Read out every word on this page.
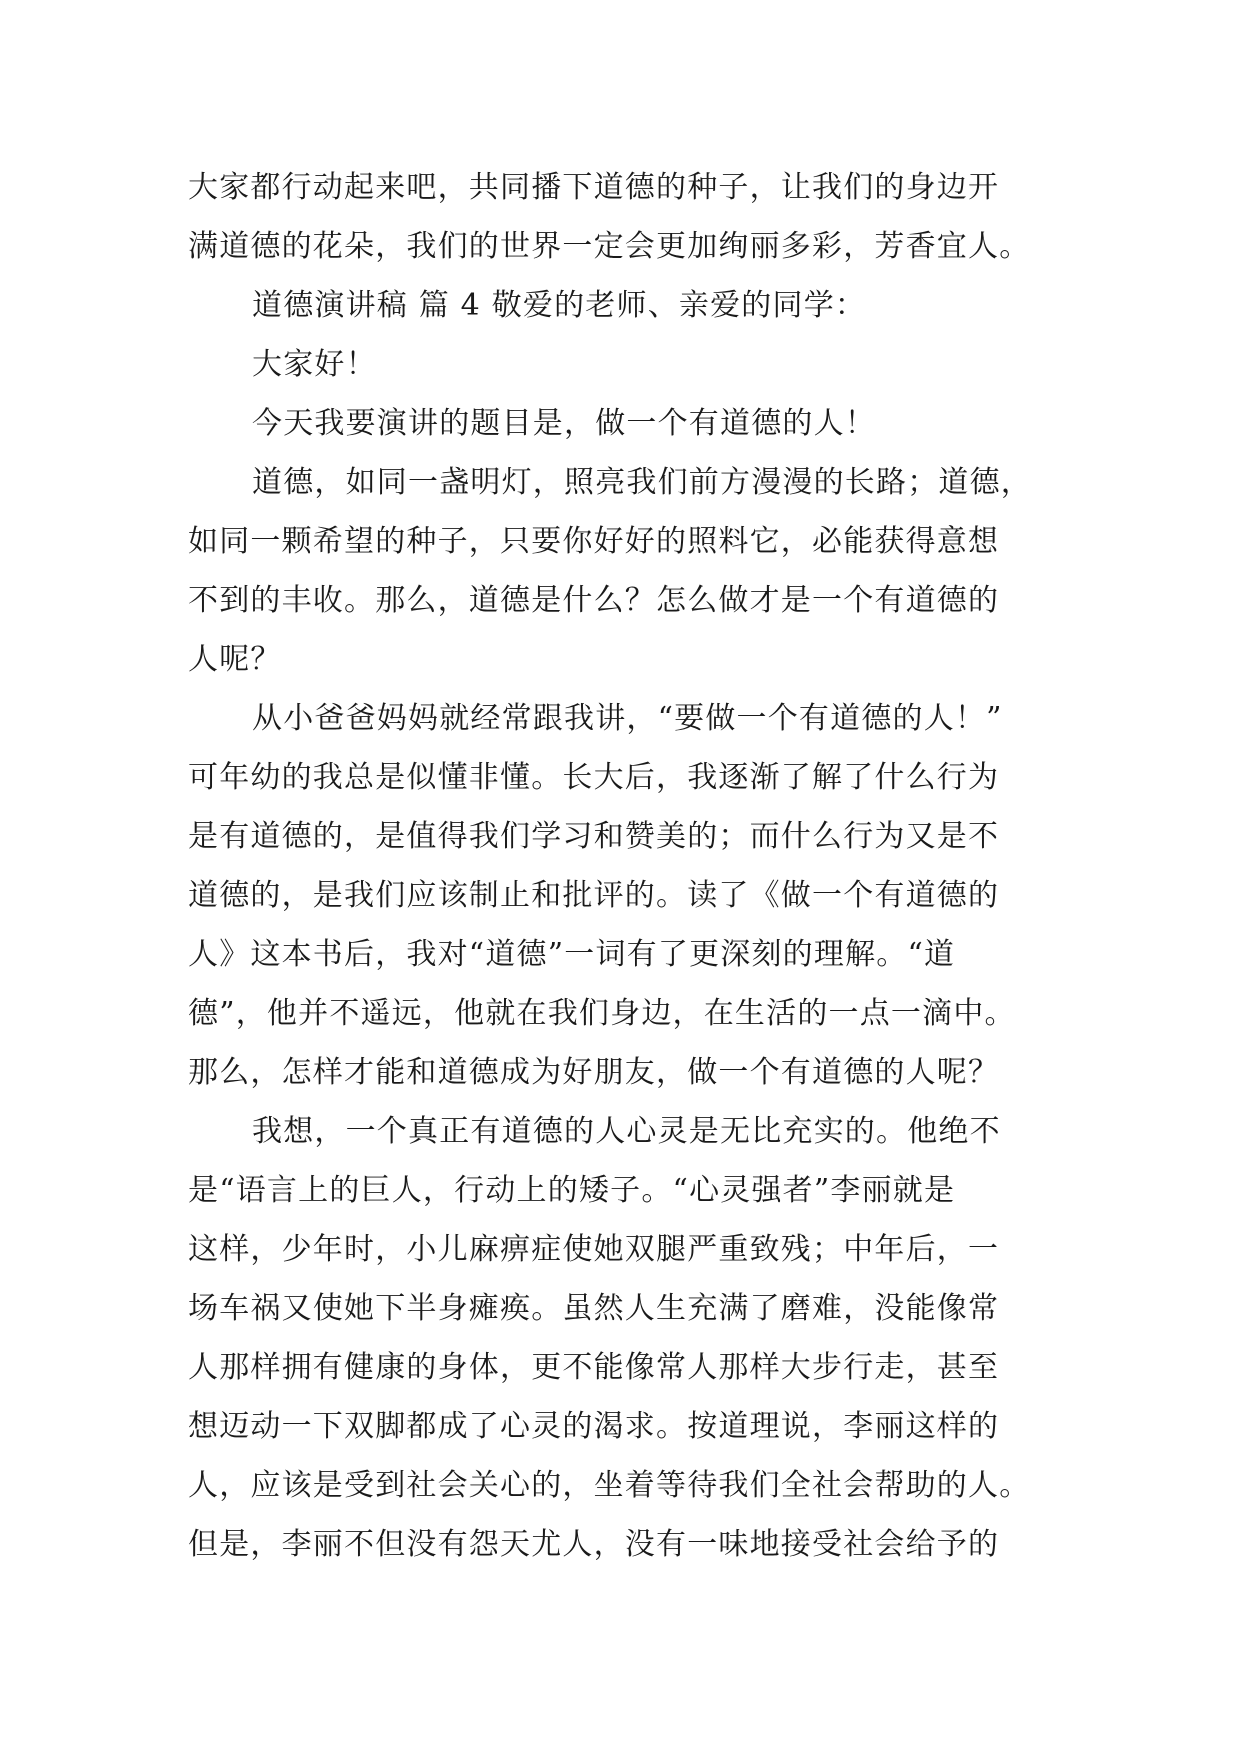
大家都行动起来吧，共同播下道德的种子，让我们的身边开
满道德的花朵，我们的世界一定会更加绚丽多彩，芳香宜人。
道德演讲稿 篇 4 敬爱的老师、亲爱的同学：
大家好！
今天我要演讲的题目是，做一个有道德的人！
道德，如同一盏明灯，照亮我们前方漫漫的长路；道德，
如同一颗希望的种子，只要你好好的照料它，必能获得意想
不到的丰收。那么，道德是什么？怎么做才是一个有道德的
人呢？
从小爸爸妈妈就经常跟我讲，“要做一个有道德的人！”
可年幼的我总是似懂非懂。长大后，我逐渐了解了什么行为
是有道德的，是值得我们学习和赞美的；而什么行为又是不
道德的，是我们应该制止和批评的。读了《做一个有道德的
人》这本书后，我对“道德”一词有了更深刻的理解。“道
德”，他并不遥远，他就在我们身边，在生活的一点一滴中。
那么，怎样才能和道德成为好朋友，做一个有道德的人呢？
我想，一个真正有道德的人心灵是无比充实的。他绝不
是“语言上的巨人，行动上的矮子。“心灵强者”李丽就是
这样，少年时，小儿麻痹症使她双腿严重致残；中年后，一
场车祸又使她下半身瘫痪。虽然人生充满了磨难，没能像常
人那样拥有健康的身体，更不能像常人那样大步行走，甚至
想迈动一下双脚都成了心灵的渴求。按道理说，李丽这样的
人，应该是受到社会关心的，坐着等待我们全社会帮助的人。
但是，李丽不但没有怨天尤人，没有一味地接受社会给予的
